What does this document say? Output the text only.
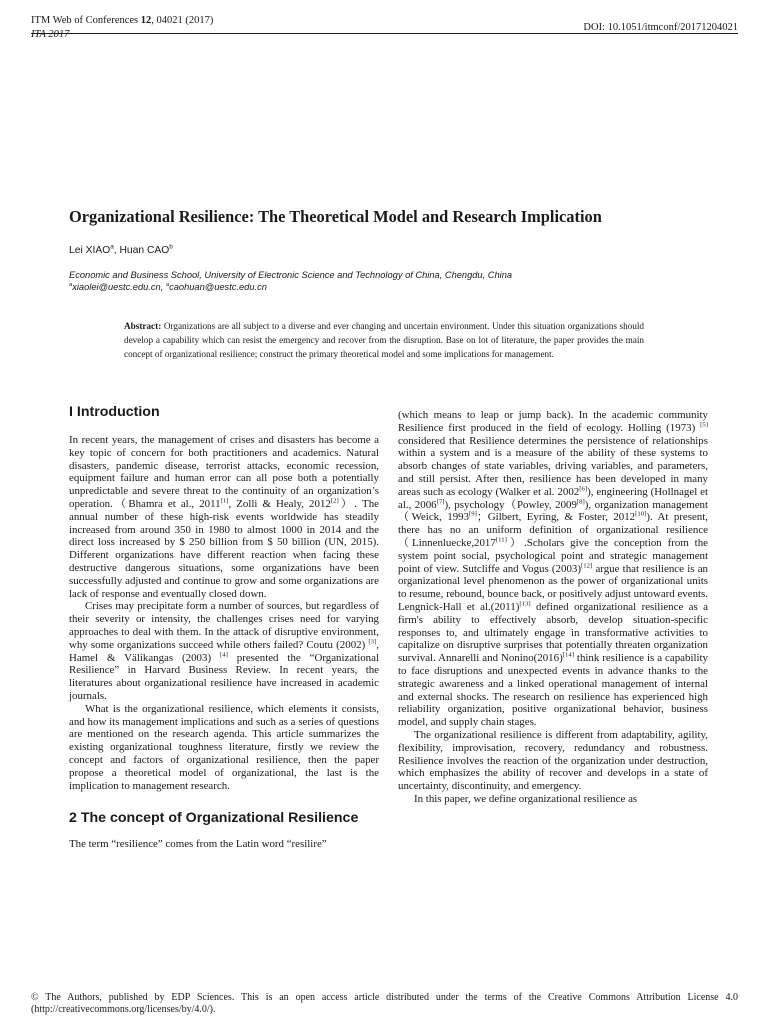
ITM Web of Conferences 12, 04021 (2017)
ITA 2017
DOI: 10.1051/itmconf/20171204021
Organizational Resilience: The Theoretical Model and Research Implication
Lei XIAO$^a$, Huan CAO$^b$
Economic and Business School, University of Electronic Science and Technology of China, Chengdu, China
$^a$xiaolei@uestc.edu.cn, $^a$caohuan@uestc.edu.cn
Abstract: Organizations are all subject to a diverse and ever changing and uncertain environment. Under this situation organizations should develop a capability which can resist the emergency and recover from the disruption. Base on lot of literature, the paper provides the main concept of organizational resilience; construct the primary theoretical model and some implications for management.
I Introduction

In recent years, the management of crises and disasters has become a key topic of concern for both practitioners and academics. Natural disasters, pandemic disease, terrorist attacks, economic recession, equipment failure and human error can all pose both a potentially unpredictable and severe threat to the continuity of an organization’s operation.（Bhamra et al., 2011[1], Zolli & Healy, 2012[2]）. The annual number of these high-risk events worldwide has steadily increased from around 350 in 1980 to almost 1000 in 2014 and the direct loss increased by $ 250 billion from $ 50 billion (UN, 2015). Different organizations have different reaction when facing these destructive dangerous situations, some organizations have been successfully adjusted and continue to grow and some organizations are lack of response and eventually closed down.

Crises may precipitate form a number of sources, but regardless of their severity or intensity, the challenges crises need for varying approaches to deal with them. In the attack of disruptive environment, why some organizations succeed while others failed? Coutu (2002) [3], Hamel & Välikangas (2003) [4] presented the “Organizational Resilience” in Harvard Business Review. In recent years, the literatures about organizational resilience have increased in academic journals.

What is the organizational resilience, which elements it consists, and how its management implications and such as a series of questions are mentioned on the research agenda. This article summarizes the existing organizational toughness literature, firstly we review the concept and factors of organizational resilience, then the paper propose a theoretical model of organizational, the last is the implication to management research.

2 The concept of Organizational Resilience

The term “resilience” comes from the Latin word “resilire”

(which means to leap or jump back). In the academic community Resilience first produced in the field of ecology. Holling (1973) [5] considered that Resilience determines the persistence of relationships within a system and is a measure of the ability of these systems to absorb changes of state variables, driving variables, and parameters, and still persist. After then, resilience has been developed in many areas such as ecology (Walker et al. 2002[6]), engineering (Hollnagel et al., 2006[7]), psychology（Powley, 2009[8]), organization management（Weick, 1993[9]；Gilbert, Eyring, & Foster, 2012[10]). At present, there has no an uniform definition of organizational resilience（Linnenluecke,2017[11]）.Scholars give the conception from the system point social, psychological point and strategic management point of view. Sutcliffe and Vogus (2003)[12] argue that resilience is an organizational level phenomenon as the power of organizational units to resume, rebound, bounce back, or positively adjust untoward events. Lengnick-Hall et al.(2011)[13] defined organizational resilience as a firm's ability to effectively absorb, develop situation-specific responses to, and ultimately engage in transformative activities to capitalize on disruptive surprises that potentially threaten organization survival. Annarelli and Nonino(2016)[14] think resilience is a capability to face disruptions and unexpected events in advance thanks to the strategic awareness and a linked operational management of internal and external shocks. The research on resilience has experienced high reliability organization, positive organizational behavior, business model, and supply chain stages.

The organizational resilience is different from adaptability, agility, flexibility, improvisation, recovery, redundancy and robustness. Resilience involves the reaction of the organization under destruction, which emphasizes the ability of recover and develops in a state of uncertainty, discontinuity, and emergency.

In this paper, we define organizational resilience as

© The Authors, published by EDP Sciences. This is an open access article distributed under the terms of the Creative Commons Attribution License 4.0 (http://creativecommons.org/licenses/by/4.0/).
